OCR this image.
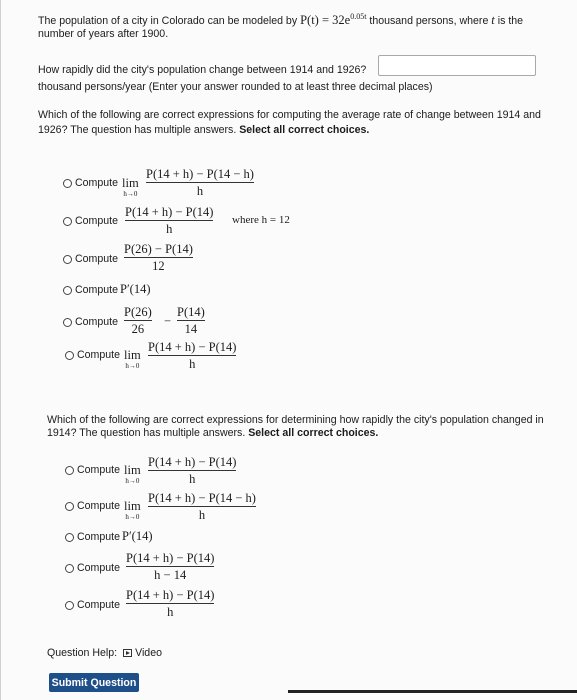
The population of a city in Colorado can be modeled by $P(t) = 32e^{0.05t}$ thousand persons, where t is the
number of years after 1900.
How rapidly did the city's population change between 1914 and 1926?
thousand persons/year (Enter your answer rounded to at least three decimal places)
Which of the following are correct expressions for computing the average rate of change between 1914 and
1926? The question has multiple answers. Select all correct choices.
Compute lim
h→0
P(14 + h) − P(14 − h)
h
Compute
P(14 + h) − P(14)
h
where h = 12
Compute
P(26) − P(14)
12
Compute P′(14)
Compute
P(26)
26
−
P(14)
14
Compute lim
h→0
P(14 + h) − P(14)
h
Which of the following are correct expressions for determining how rapidly the city's population changed in
1914? The question has multiple answers. Select all correct choices.
Compute lim
h→0
P(14 + h) − P(14)
h
Compute lim
h→0
P(14 + h) − P(14 − h)
h
Compute P′(14)
Compute
P(14 + h) − P(14)
h − 14
Compute
P(14 + h) − P(14)
h
Question Help: Video
Submit Question
